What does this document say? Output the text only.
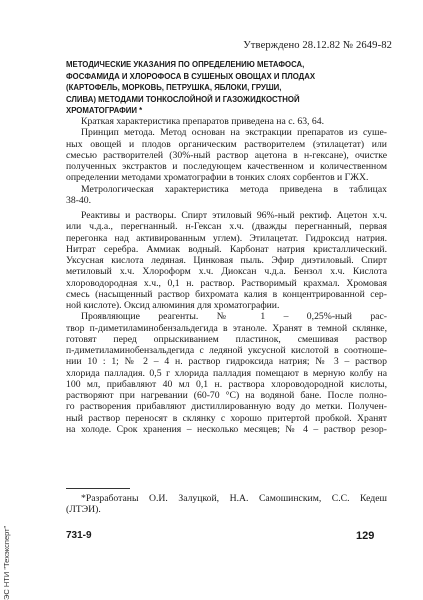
Утверждено 28.12.82 № 2649-82
МЕТОДИЧЕСКИЕ УКАЗАНИЯ ПО ОПРЕДЕЛЕНИЮ МЕТАФОСА,
ФОСФАМИДА И ХЛОРОФОСА В СУШЕНЫХ ОВОЩАХ И ПЛОДАХ
(КАРТОФЕЛЬ, МОРКОВЬ, ПЕТРУШКА, ЯБЛОКИ, ГРУШИ,
СЛИВА) МЕТОДАМИ ТОНКОСЛОЙНОЙ И ГАЗОЖИДКОСТНОЙ
ХРОМАТОГРАФИИ *
Краткая характеристика препаратов приведена на с. 63, 64.
Принцип метода. Метод основан на экстракции препаратов из суше-
ных овощей и плодов органическим растворителем (этилацетат) или
смесью растворителей (30%-ный раствор ацетона в н-гексане), очистке
полученных экстрактов и последующем качественном и количественном
определении методами хроматографии в тонких слоях сорбентов и ГЖХ.
Метрологическая характеристика метода приведена в таблицах
38-40.
Реактивы и растворы. Спирт этиловый 96%-ный ректиф. Ацетон х.ч.
или ч.д.а., перегнанный. н-Гексан х.ч. (дважды перегнанный, первая
перегонка над активированным углем). Этилацетат. Гидроксид натрия.
Нитрат серебра. Аммиак водный. Карбонат натрия кристаллический.
Уксусная кислота ледяная. Цинковая пыль. Эфир диэтиловый. Спирт
метиловый х.ч. Хлороформ х.ч. Диоксан ч.д.а. Бензол х.ч. Кислота
хлороводородная х.ч., 0,1 н. раствор. Растворимый крахмал. Хромовая
смесь (насыщенный раствор бихромата калия в концентрированной сер-
ной кислоте). Оксид алюминия для хроматографии.
Проявляющие реагенты. № 1 – 0,25%-ный рас-
твор п-диметиламинобензальдегида в этаноле. Хранят в темной склянке,
готовят перед опрыскиванием пластинок, смешивая раствор
п-диметиламинобензальдегида с ледяной уксусной кислотой в соотноше-
нии 10 : 1; № 2 – 4 н. раствор гидроксида натрия; № 3 – раствор
хлорида палладия. 0,5 г хлорида палладия помещают в мерную колбу на
100 мл, прибавляют 40 мл 0,1 н. раствора хлороводородной кислоты,
растворяют при нагревании (60-70 °С) на водяной бане. После полно-
го растворения прибавляют дистиллированную воду до метки. Получен-
ный раствор переносят в склянку с хорошо притертой пробкой. Хранят
на холоде. Срок хранения – несколько месяцев; № 4 – раствор резор-
*Разработаны О.И. Залуцкой, Н.А. Самошинским, С.С. Кедеш
(ЛТЭИ).
731-9	129
ЭС НТИ "Техэксперт"
